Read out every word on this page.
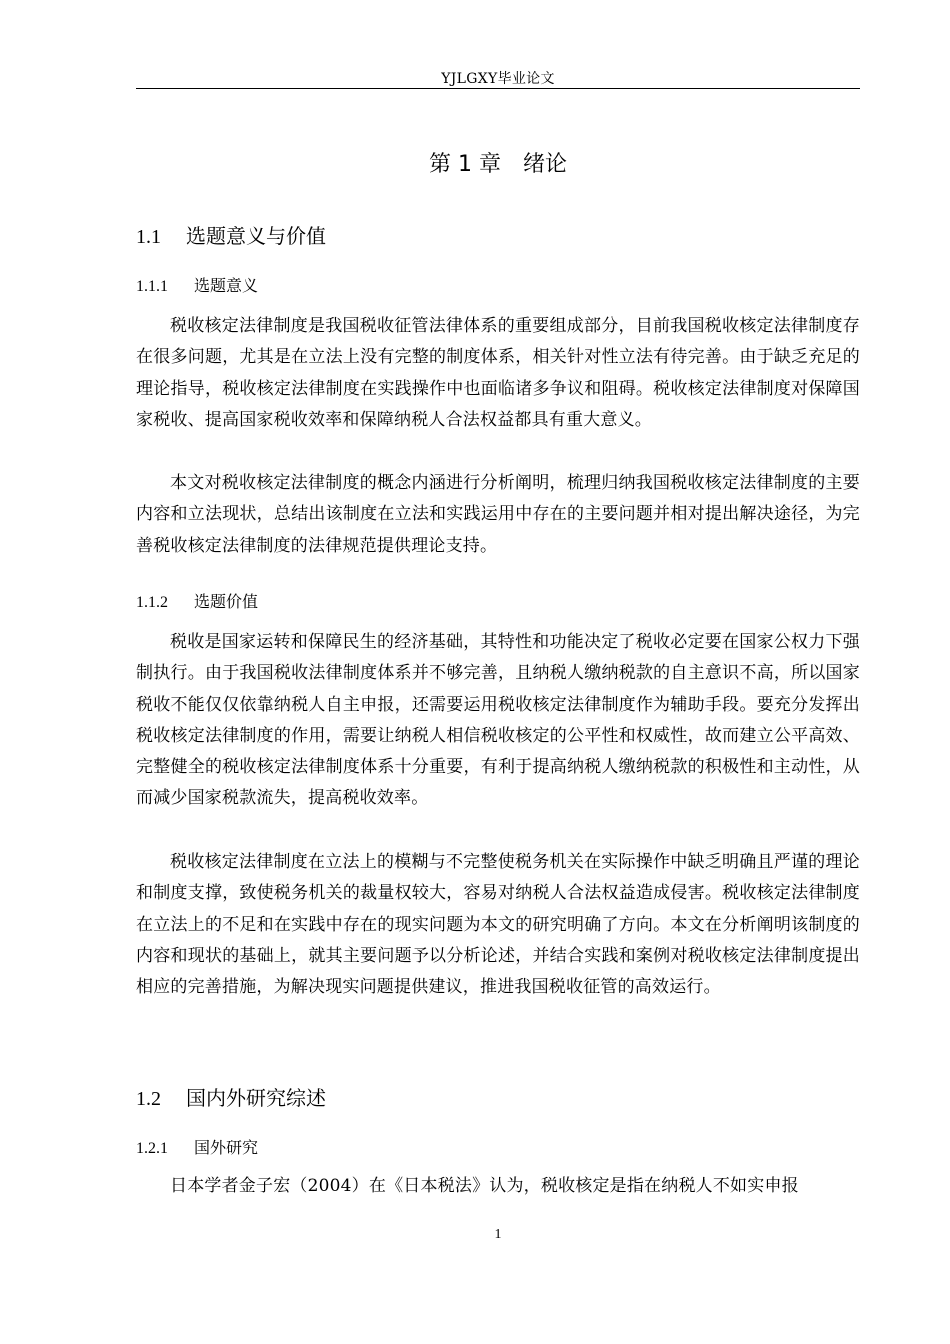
YJLGXY毕业论文
第 1 章 绪论
1.1 选题意义与价值
1.1.1 选题意义

税收核定法律制度是我国税收征管法律体系的重要组成部分，目前我国税收核定法律制度存在很多问题，尤其是在立法上没有完整的制度体系，相关针对性立法有待完善。由于缺乏充足的理论指导，税收核定法律制度在实践操作中也面临诸多争议和阻碍。税收核定法律制度对保障国家税收、提高国家税收效率和保障纳税人合法权益都具有重大意义。

本文对税收核定法律制度的概念内涵进行分析阐明，梳理归纳我国税收核定法律制度的主要内容和立法现状，总结出该制度在立法和实践运用中存在的主要问题并相对提出解决途径，为完善税收核定法律制度的法律规范提供理论支持。

1.1.2 选题价值

税收是国家运转和保障民生的经济基础，其特性和功能决定了税收必定要在国家公权力下强制执行。由于我国税收法律制度体系并不够完善，且纳税人缴纳税款的自主意识不高，所以国家税收不能仅仅依靠纳税人自主申报，还需要运用税收核定法律制度作为辅助手段。要充分发挥出税收核定法律制度的作用，需要让纳税人相信税收核定的公平性和权威性，故而建立公平高效、完整健全的税收核定法律制度体系十分重要，有利于提高纳税人缴纳税款的积极性和主动性，从而减少国家税款流失，提高税收效率。

税收核定法律制度在立法上的模糊与不完整使税务机关在实际操作中缺乏明确且严谨的理论和制度支撑，致使税务机关的裁量权较大，容易对纳税人合法权益造成侵害。税收核定法律制度在立法上的不足和在实践中存在的现实问题为本文的研究明确了方向。本文在分析阐明该制度的内容和现状的基础上，就其主要问题予以分析论述，并结合实践和案例对税收核定法律制度提出相应的完善措施，为解决现实问题提供建议，推进我国税收征管的高效运行。

1.2 国内外研究综述
1.2.1 国外研究

日本学者金子宏（2004）在《日本税法》认为，税收核定是指在纳税人不如实申报

1
